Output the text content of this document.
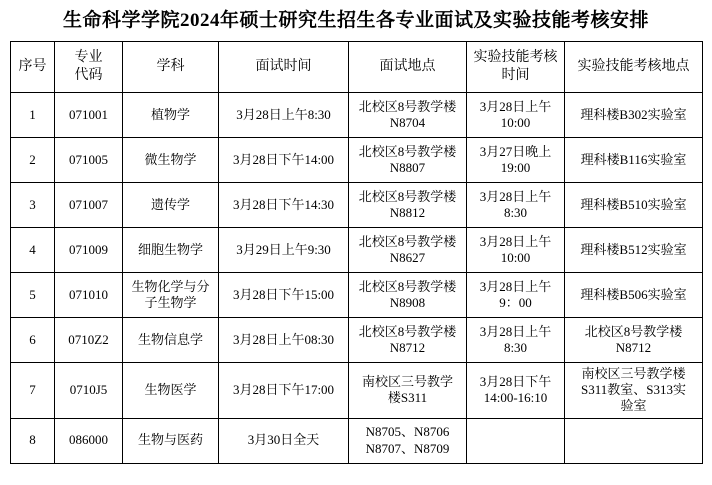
生命科学学院2024年硕士研究生招生各专业面试及实验技能考核安排
序号	专业
代码	学科	面试时间	面试地点	实验技能考核
时间	实验技能考核地点

1	071001	植物学	3月28日上午8:30	北校区8号教学楼
N8704	3月28日上午
10:00	理科楼B302实验室

2	071005	微生物学	3月28日下午14:00	北校区8号教学楼
N8807	3月27日晚上
19:00	理科楼B116实验室

3	071007	遗传学	3月28日下午14:30	北校区8号教学楼
N8812	3月28日上午
8:30	理科楼B510实验室

4	071009	细胞生物学	3月29日上午9:30	北校区8号教学楼
N8627	3月28日上午
10:00	理科楼B512实验室

5	071010	生物化学与分
子生物学	3月28日下午15:00	北校区8号教学楼
N8908	3月28日上午
9：00	理科楼B506实验室

6	0710Z2	生物信息学	3月28日上午08:30	北校区8号教学楼
N8712	3月28日上午
8:30	北校区8号教学楼
N8712

7	0710J5	生物医学	3月28日下午17:00	南校区三号教学
楼S311	3月28日下午
14:00-16:10	南校区三号教学楼
S311教室、S313实
验室

8	086000	生物与医药	3月30日全天	N8705、N8706
N8707、N8709		
